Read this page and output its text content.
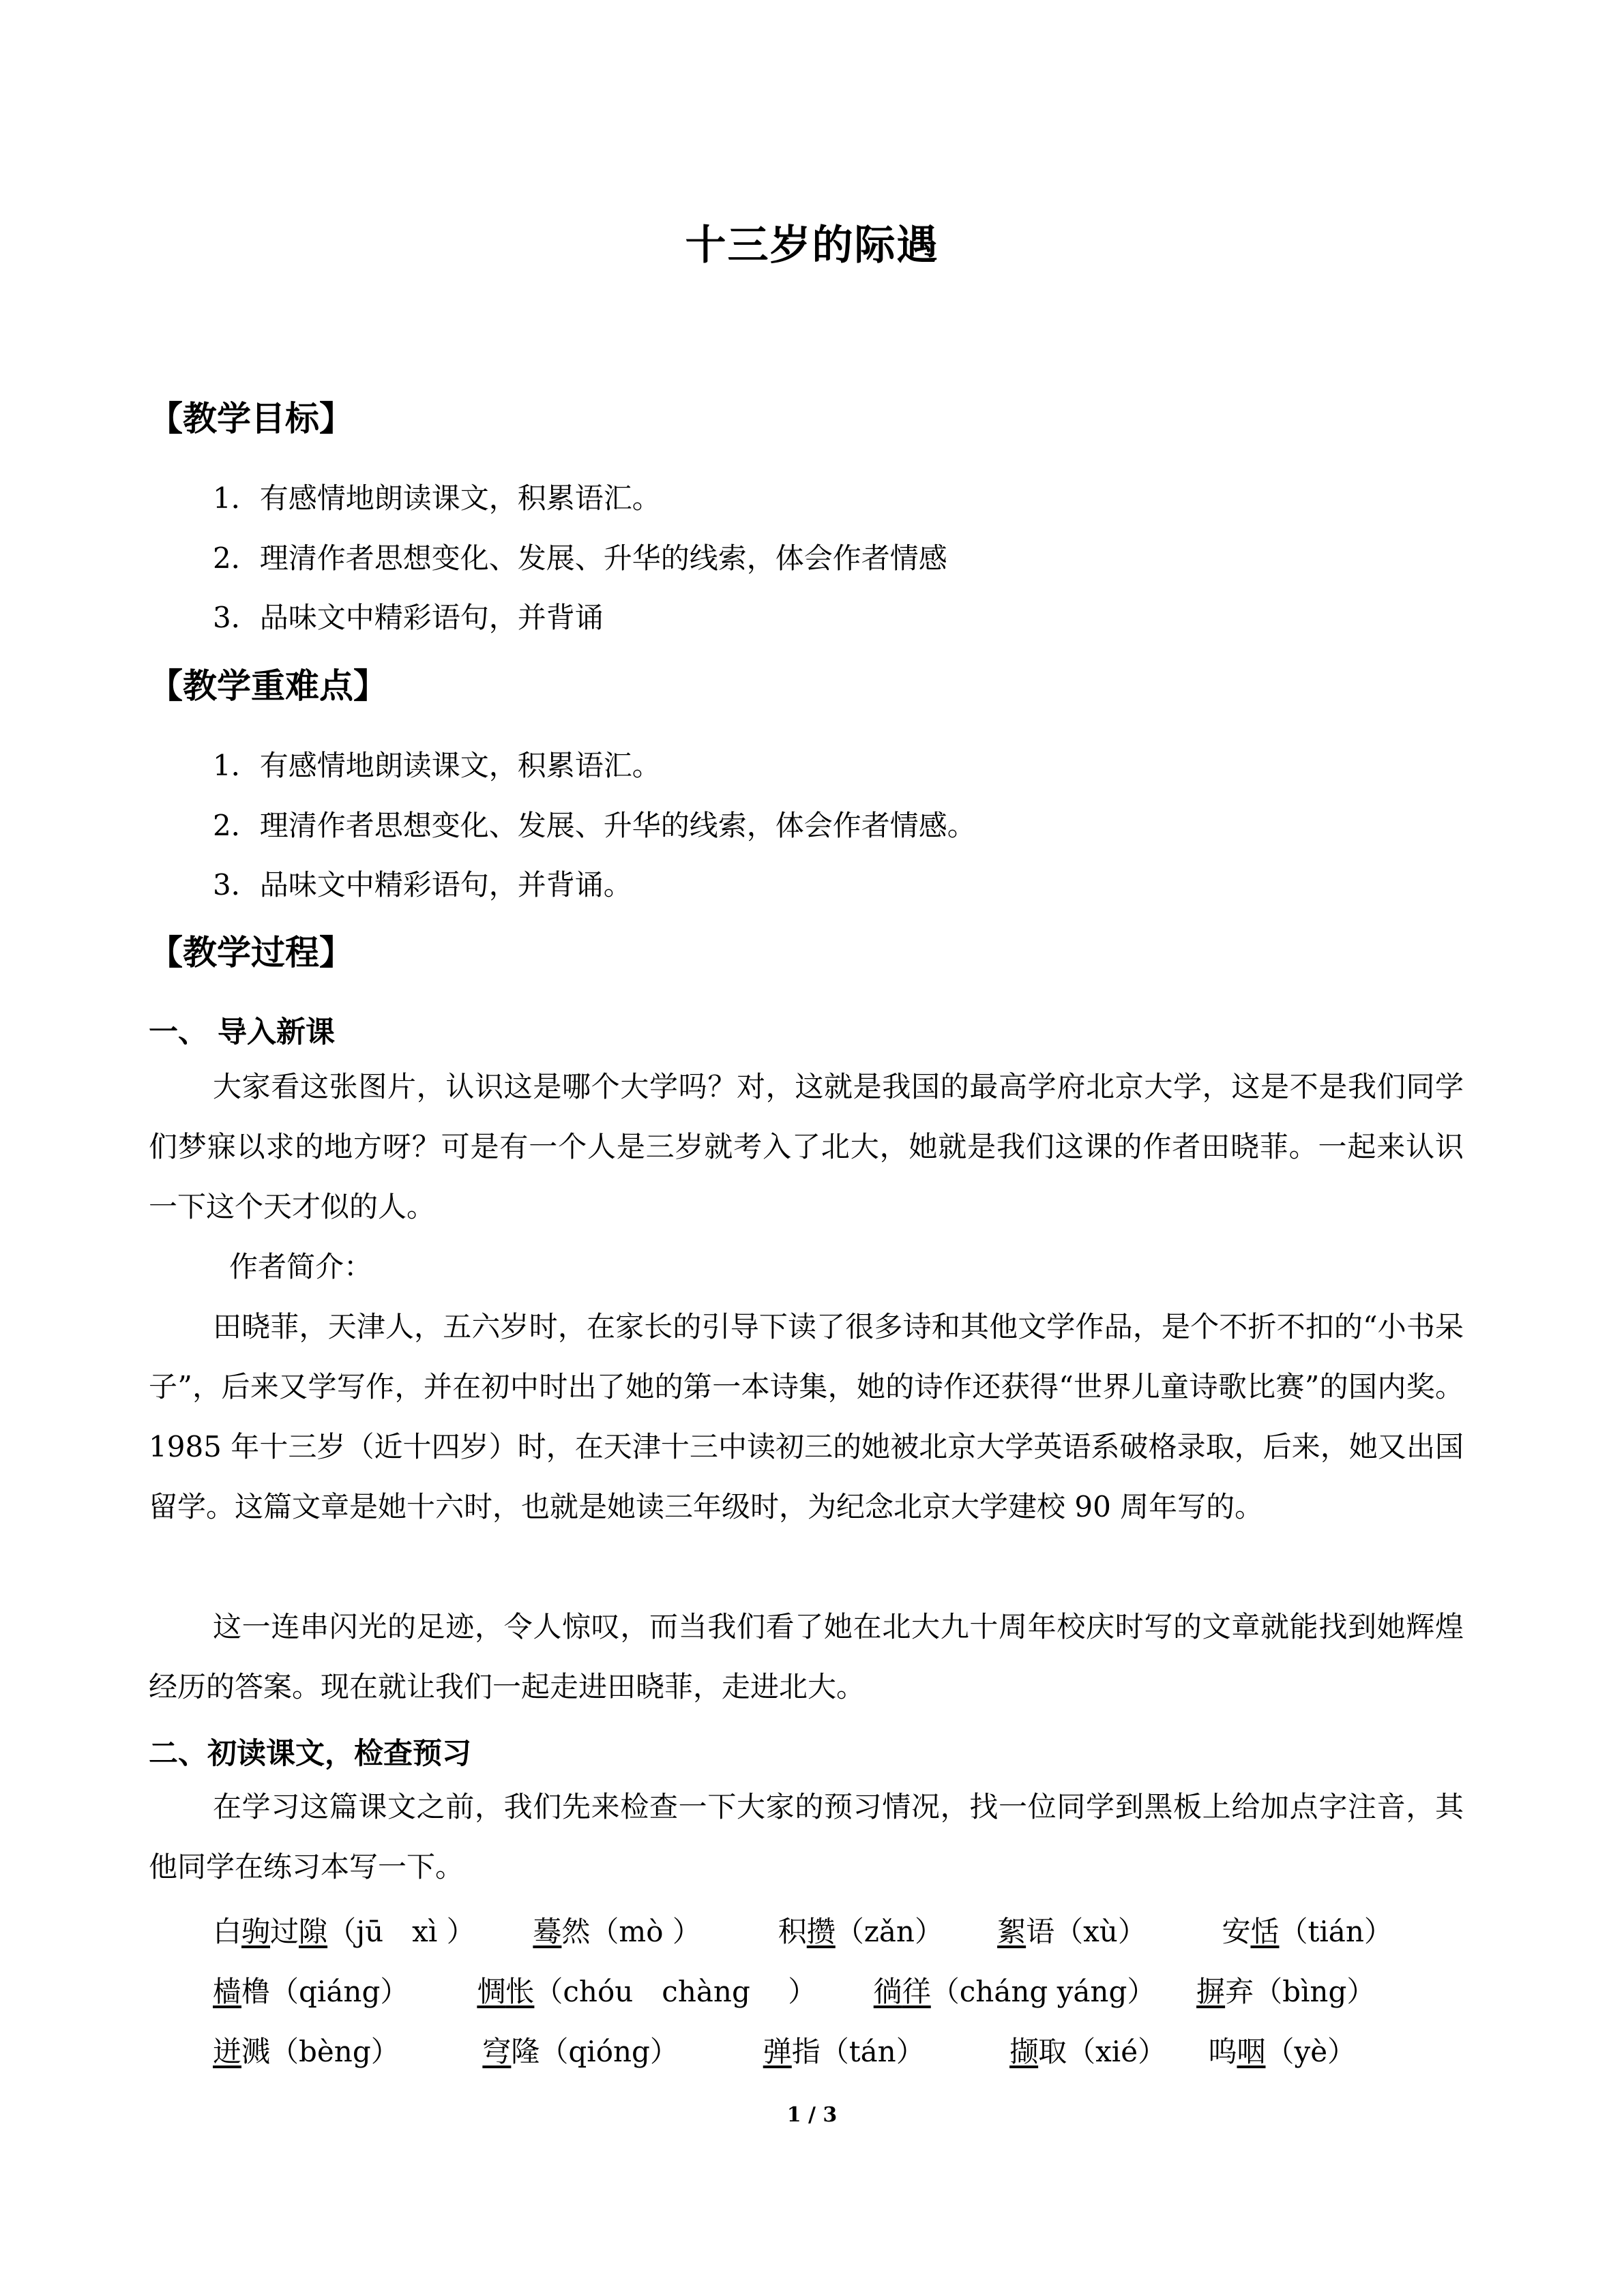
十三岁的际遇
【教学目标】
1．有感情地朗读课文，积累语汇。
2．理清作者思想变化、发展、升华的线索，体会作者情感
3．品味文中精彩语句，并背诵
【教学重难点】
1．有感情地朗读课文，积累语汇。
2．理清作者思想变化、发展、升华的线索，体会作者情感。
3．品味文中精彩语句，并背诵。
【教学过程】
一、 导入新课
大家看这张图片，认识这是哪个大学吗？对，这就是我国的最高学府北京大学，这是不是我们同学们梦寐以求的地方呀？可是有一个人是三岁就考入了北大，她就是我们这课的作者田晓菲。一起来认识一下这个天才似的人。
作者简介：
田晓菲，天津人，五六岁时，在家长的引导下读了很多诗和其他文学作品，是个不折不扣的“小书呆子”，后来又学写作，并在初中时出了她的第一本诗集，她的诗作还获得“世界儿童诗歌比赛”的国内奖。1985 年十三岁（近十四岁）时，在天津十三中读初三的她被北京大学英语系破格录取，后来，她又出国留学。这篇文章是她十六时，也就是她读三年级时，为纪念北京大学建校 90 周年写的。
这一连串闪光的足迹，令人惊叹，而当我们看了她在北大九十周年校庆时写的文章就能找到她辉煌经历的答案。现在就让我们一起走进田晓菲，走进北大。
二、初读课文，检查预习
在学习这篇课文之前，我们先来检查一下大家的预习情况，找一位同学到黑板上给加点字注音，其他同学在练习本写一下。
白驹过隙（jū　xì ） 蓦然（mò ）	积攒（zǎn） 絮语（xù）	安恬（tián）
樯橹（qiáng） 惆怅（chóu　chàng　 ） 徜徉（cháng yáng） 摒弃（bìng）
迸溅（bèng）	穹隆（qióng）	弹指（tán）	撷取（xié） 呜咽（yè）
1 / 3
